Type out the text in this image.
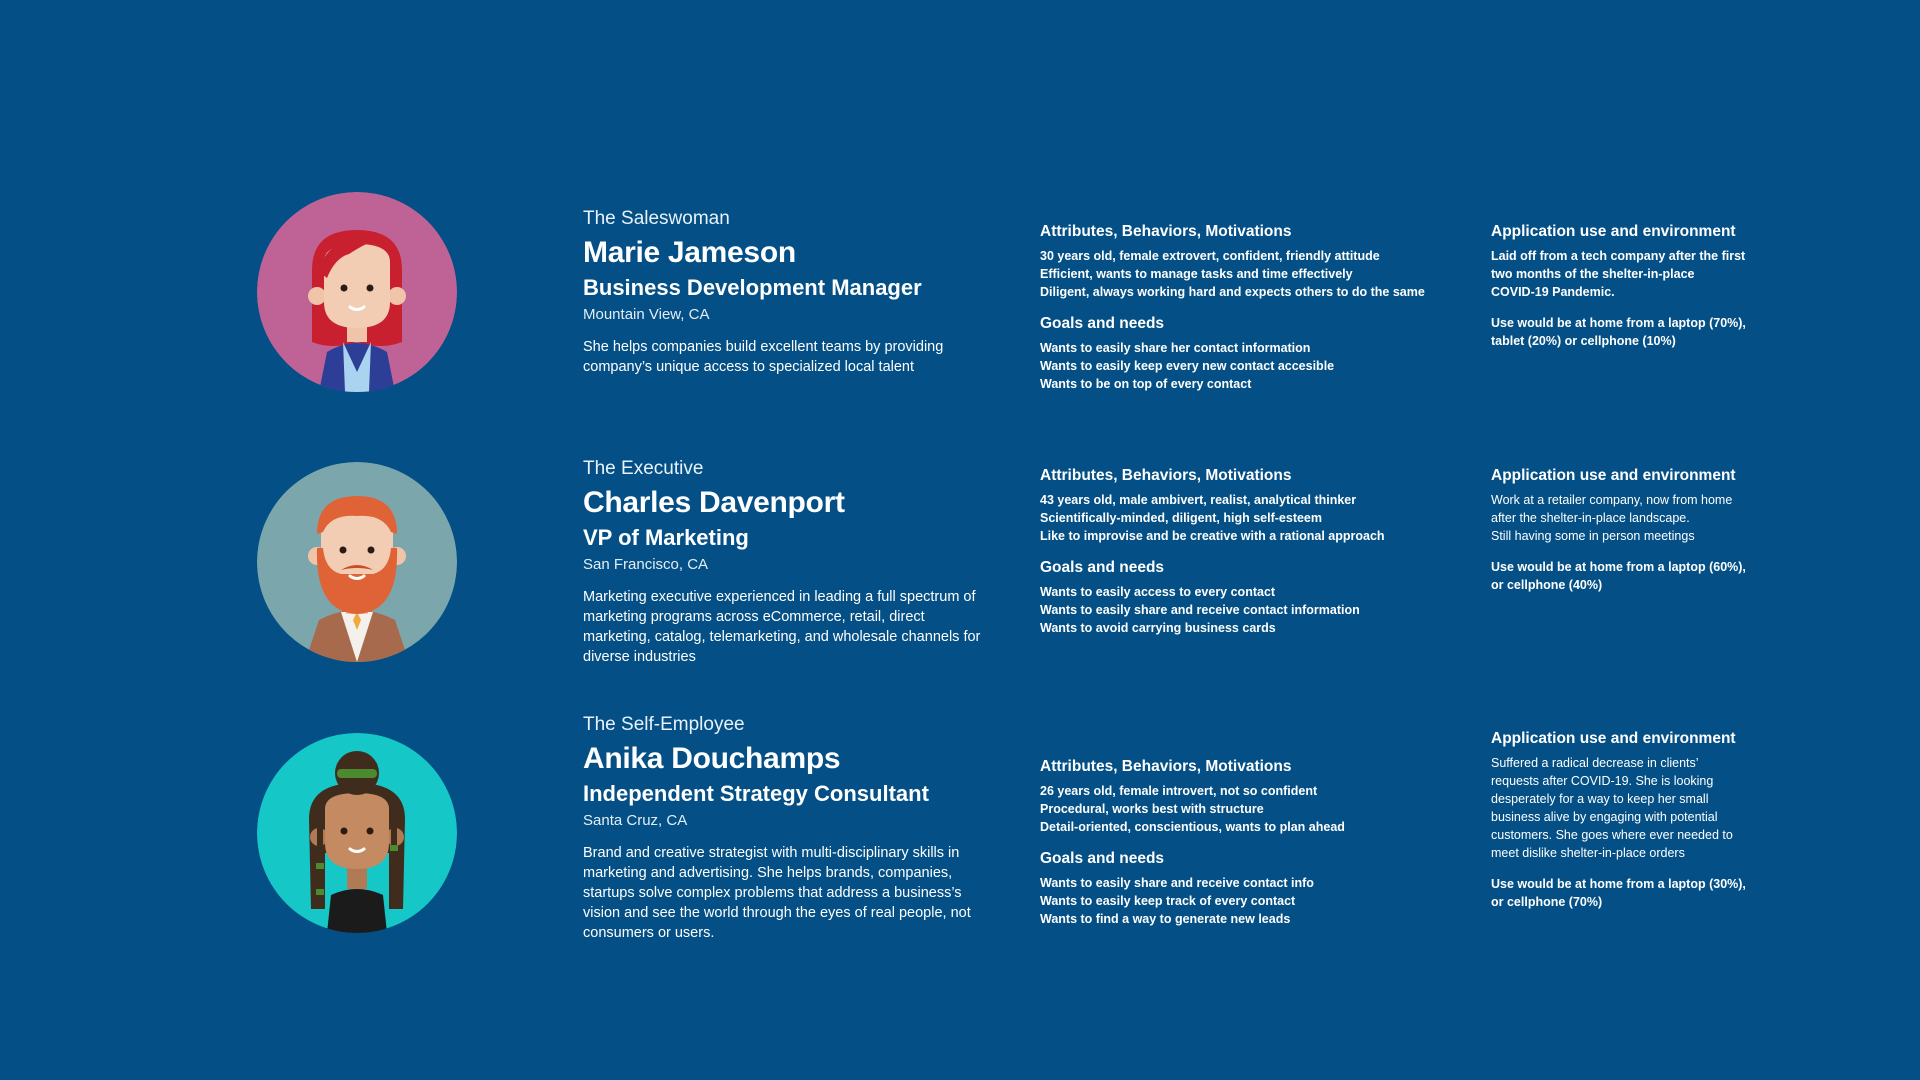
The Saleswoman

Marie Jameson

Business Development Manager

Mountain View, CA

She helps companies build excellent teams by providing company’s unique access to specialized local talent

Attributes, Behaviors, Motivations

30 years old, female extrovert, confident, friendly attitude

Efficient, wants to manage tasks and time effectively

Diligent, always working hard and expects others to do the same

Goals and needs

Wants to easily share her contact information

Wants to easily keep every new contact accesible

Wants to be on top of every contact

Application use and environment

Laid off from a tech company after the first

two months of the shelter-in-place

COVID-19 Pandemic.

Use would be at home from a laptop (70%),

tablet (20%) or cellphone (10%)

The Executive

Charles Davenport

VP of Marketing

San Francisco, CA

Marketing executive experienced in leading a full spectrum of marketing programs across eCommerce, retail, direct marketing, catalog, telemarketing, and wholesale channels for diverse industries

Attributes, Behaviors, Motivations

43 years old, male ambivert, realist, analytical thinker

Scientifically-minded, diligent, high self-esteem

Like to improvise and be creative with a rational approach

Goals and needs

Wants to easily access to every contact

Wants to easily share and receive contact information

Wants to avoid carrying business cards

Application use and environment

Work at a retailer company, now from home

after the shelter-in-place landscape.

Still having some in person meetings

Use would be at home from a laptop (60%),

or cellphone (40%)

The Self-Employee

Anika Douchamps

Independent Strategy Consultant

Santa Cruz, CA

Brand and creative strategist with multi-disciplinary skills in marketing and advertising. She helps brands, companies, startups solve complex problems that address a business’s vision and see the world through the eyes of real people, not consumers or users.

Attributes, Behaviors, Motivations

26 years old, female introvert, not so confident

Procedural, works best with structure

Detail-oriented, conscientious, wants to plan ahead

Goals and needs

Wants to easily share and receive contact info

Wants to easily keep track of every contact

Wants to find a way to generate new leads

Application use and environment

Suffered a radical decrease in clients’

requests after COVID-19. She is looking

desperately for a way to keep her small

business alive by engaging with potential

customers. She goes where ever needed to

meet dislike shelter-in-place orders

Use would be at home from a laptop (30%),

or cellphone (70%)
